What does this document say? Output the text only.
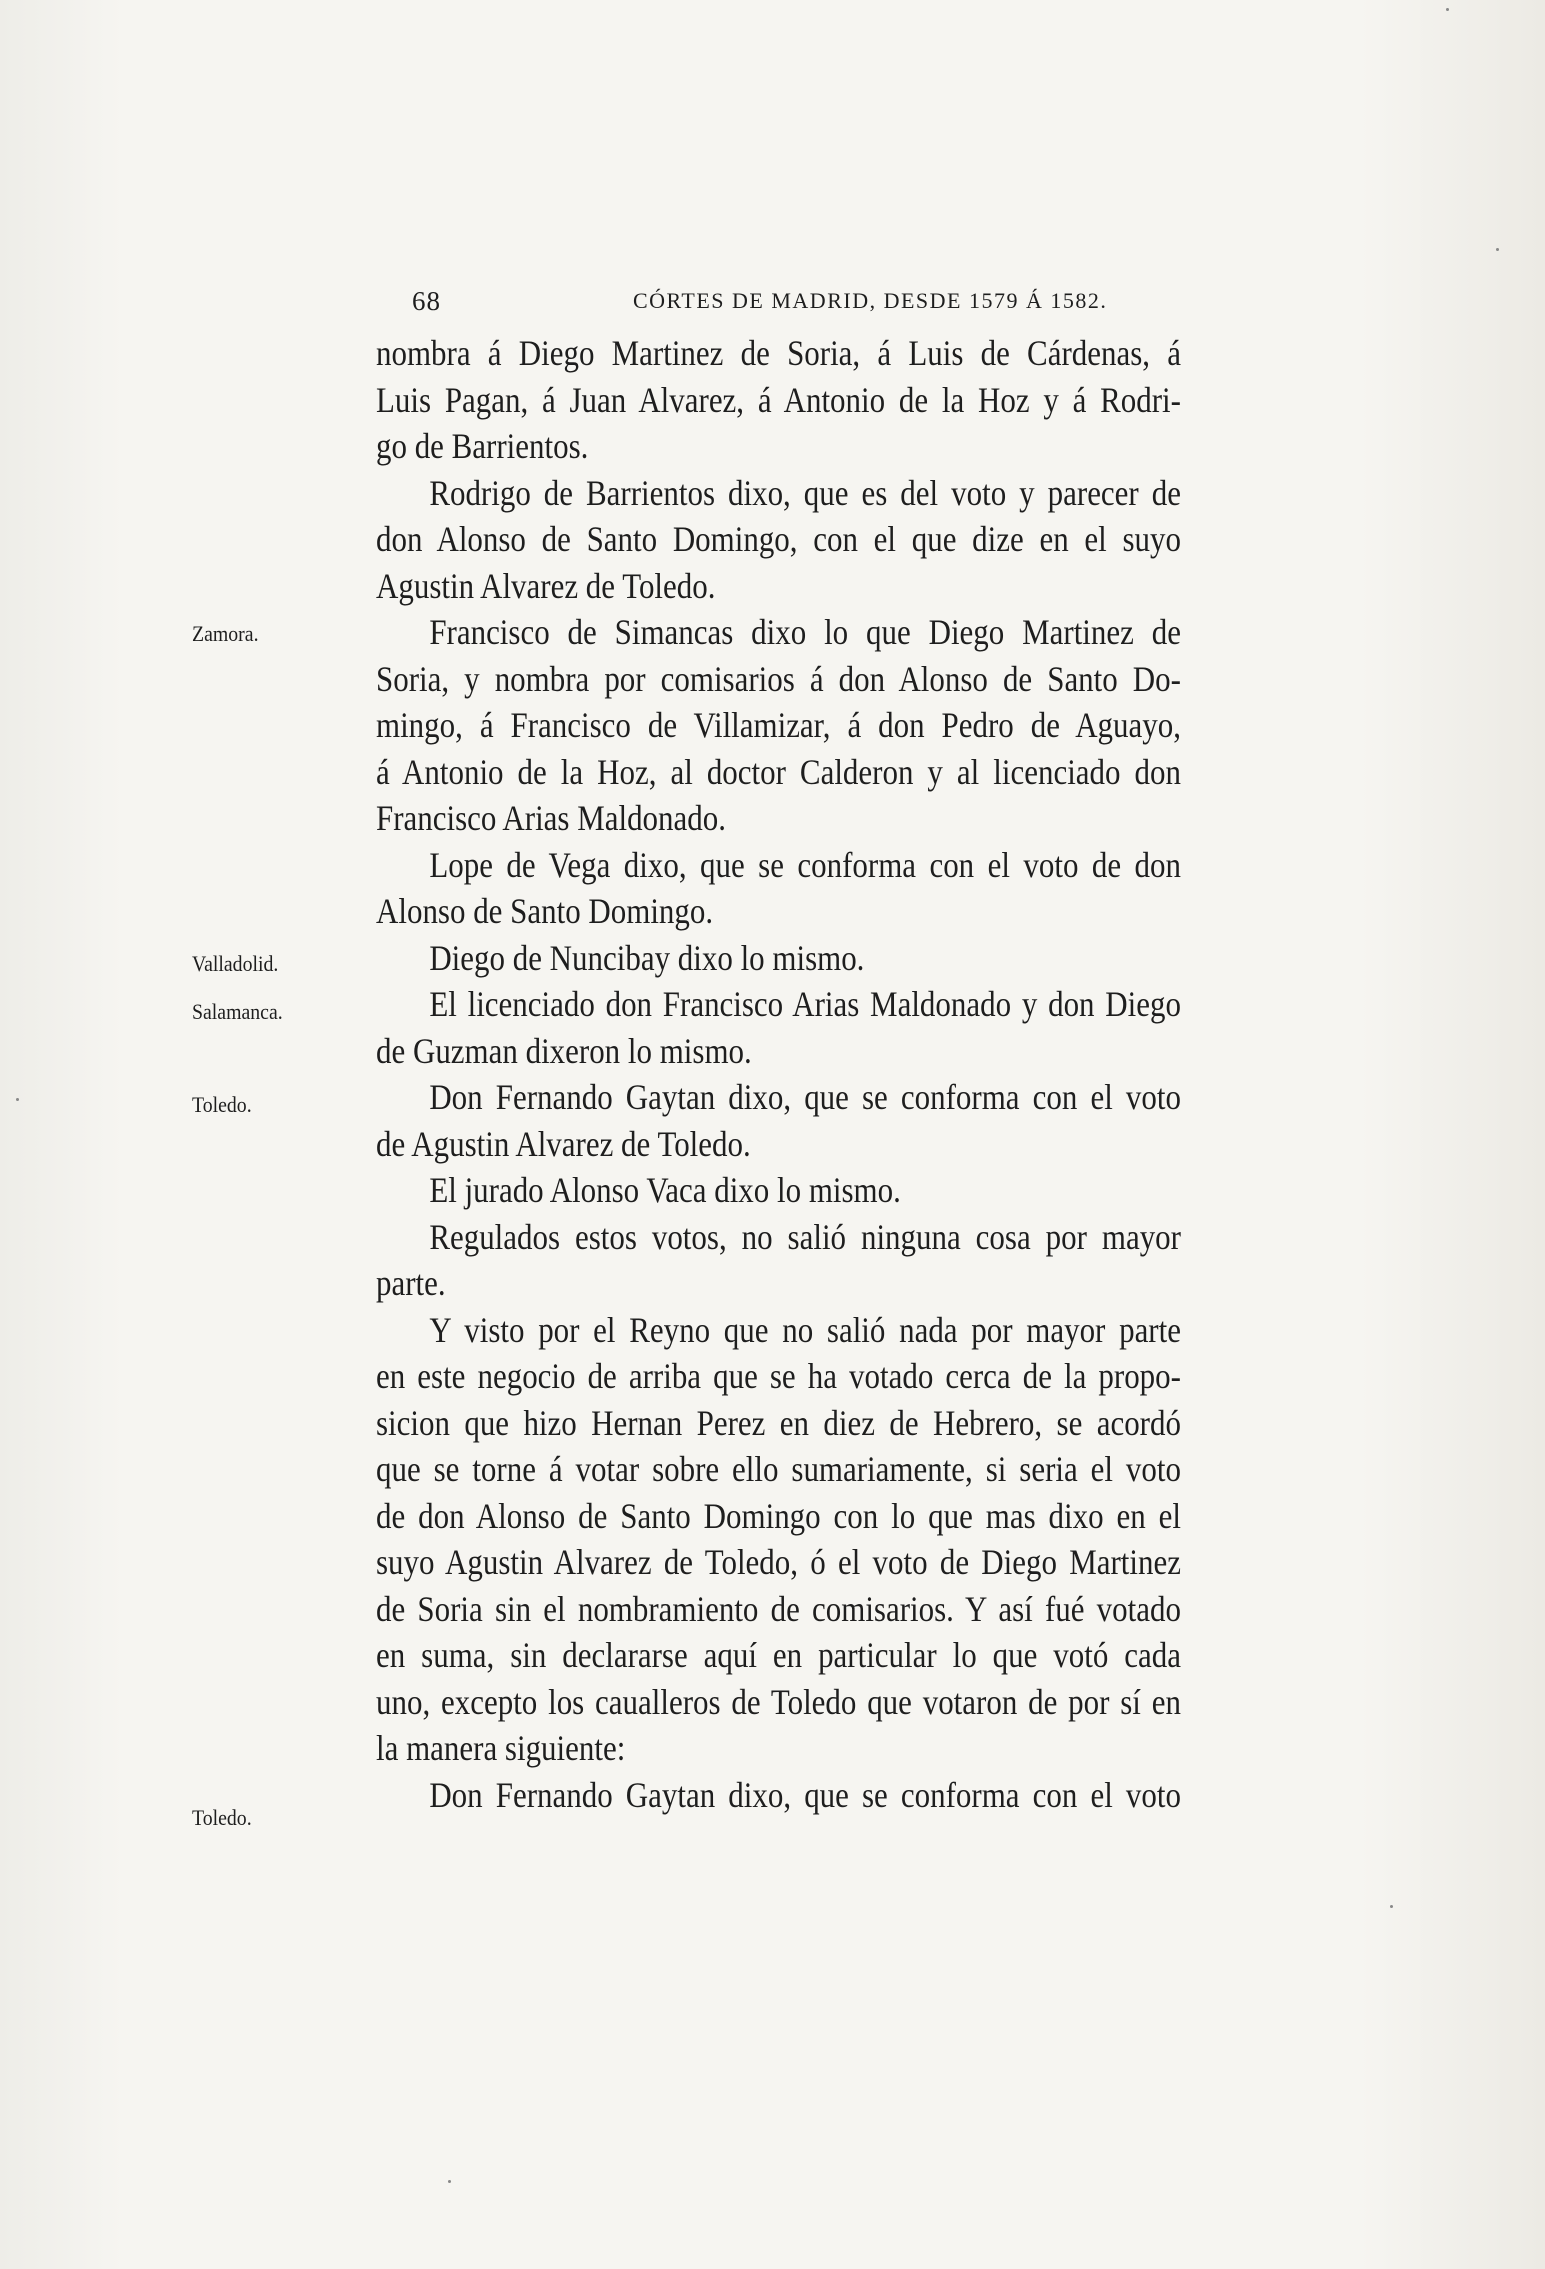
68	CÓRTES DE MADRID, DESDE 1579 Á 1582.
Zamora.
Valladolid.
Salamanca.
Toledo.
Toledo.
nombra á Diego Martinez de Soria, á Luis de Cárdenas, á
Luis Pagan, á Juan Alvarez, á Antonio de la Hoz y á Rodri-
go de Barrientos.
Rodrigo de Barrientos dixo, que es del voto y parecer de
don Alonso de Santo Domingo, con el que dize en el suyo
Agustin Alvarez de Toledo.
Francisco de Simancas dixo lo que Diego Martinez de
Soria, y nombra por comisarios á don Alonso de Santo Do-
mingo, á Francisco de Villamizar, á don Pedro de Aguayo,
á Antonio de la Hoz, al doctor Calderon y al licenciado don
Francisco Arias Maldonado.
Lope de Vega dixo, que se conforma con el voto de don
Alonso de Santo Domingo.
Diego de Nuncibay dixo lo mismo.
El licenciado don Francisco Arias Maldonado y don Diego
de Guzman dixeron lo mismo.
Don Fernando Gaytan dixo, que se conforma con el voto
de Agustin Alvarez de Toledo.
El jurado Alonso Vaca dixo lo mismo.
Regulados estos votos, no salió ninguna cosa por mayor
parte.
Y visto por el Reyno que no salió nada por mayor parte
en este negocio de arriba que se ha votado cerca de la propo-
sicion que hizo Hernan Perez en diez de Hebrero, se acordó
que se torne á votar sobre ello sumariamente, si seria el voto
de don Alonso de Santo Domingo con lo que mas dixo en el
suyo Agustin Alvarez de Toledo, ó el voto de Diego Martinez
de Soria sin el nombramiento de comisarios. Y así fué votado
en suma, sin declararse aquí en particular lo que votó cada
uno, excepto los caualleros de Toledo que votaron de por sí en
la manera siguiente:
Don Fernando Gaytan dixo, que se conforma con el voto
